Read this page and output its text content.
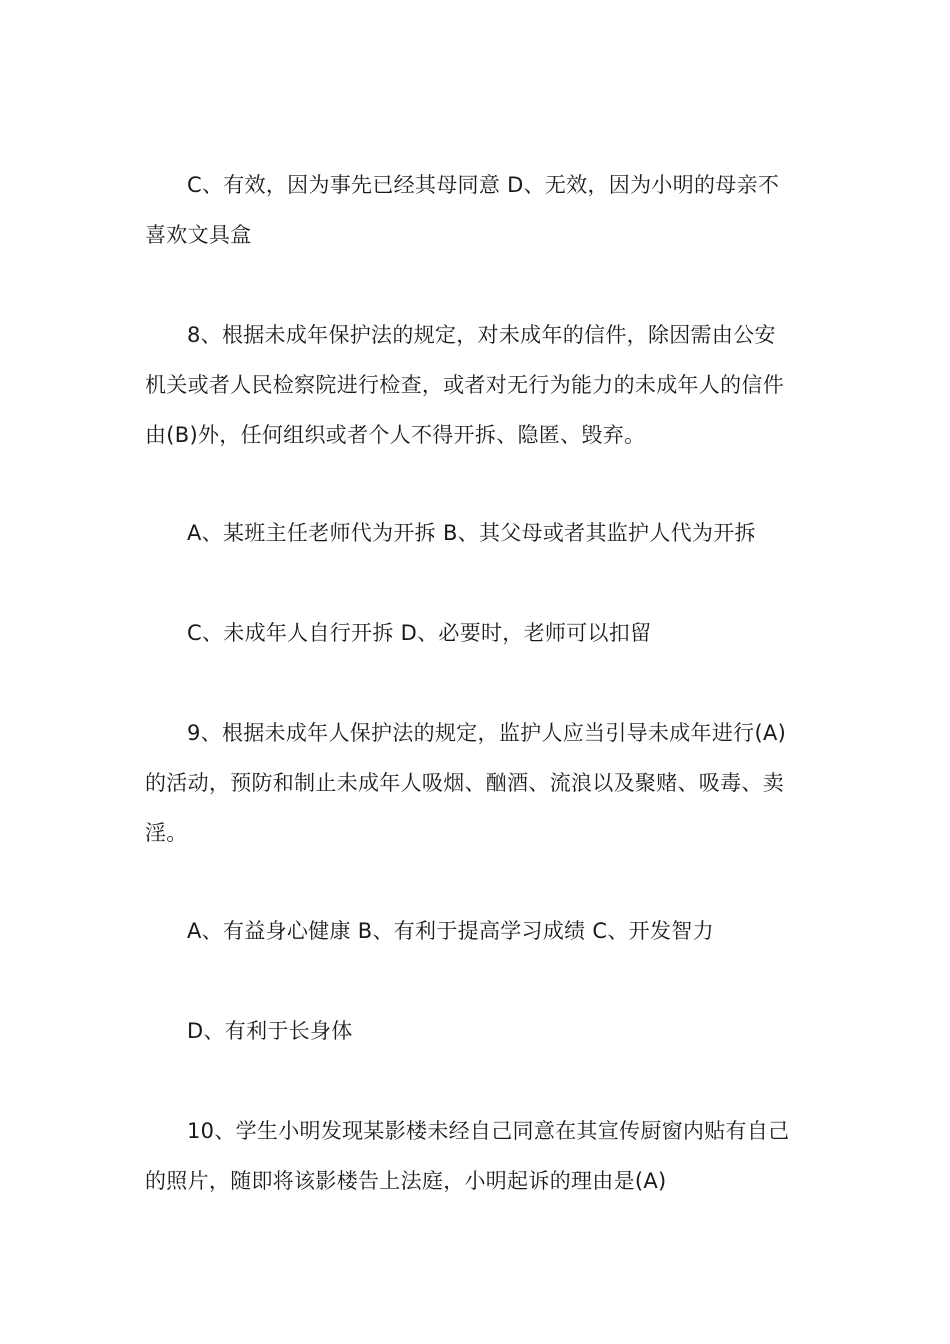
C、有效，因为事先已经其母同意 D、无效，因为小明的母亲不
喜欢文具盒

8、根据未成年保护法的规定，对未成年的信件，除因需由公安
机关或者人民检察院进行检查，或者对无行为能力的未成年人的信件
由(B)外，任何组织或者个人不得开拆、隐匿、毁弃。

A、某班主任老师代为开拆 B、其父母或者其监护人代为开拆

C、未成年人自行开拆 D、必要时，老师可以扣留

9、根据未成年人保护法的规定，监护人应当引导未成年进行(A)
的活动，预防和制止未成年人吸烟、酗酒、流浪以及聚赌、吸毒、卖
淫。

A、有益身心健康 B、有利于提高学习成绩 C、开发智力

D、有利于长身体

10、学生小明发现某影楼未经自己同意在其宣传厨窗内贴有自己
的照片，随即将该影楼告上法庭，小明起诉的理由是(A)
